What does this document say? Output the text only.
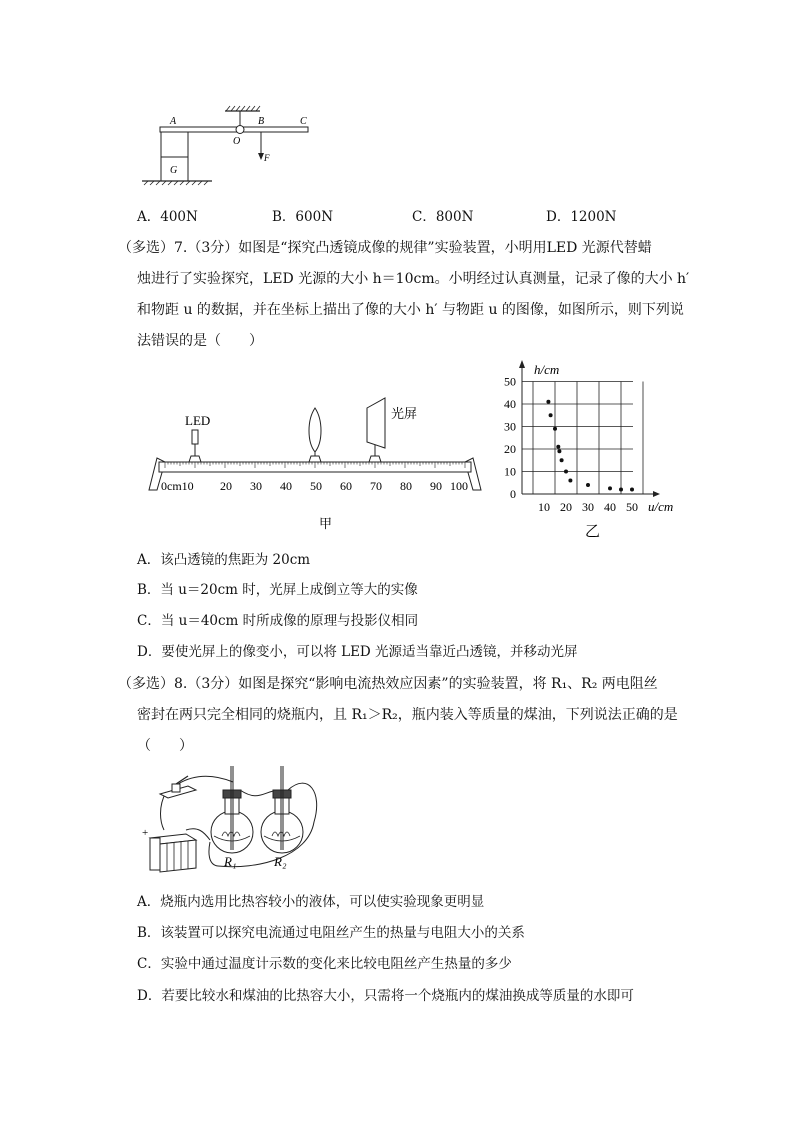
A
O
B	C
F
G
A．400N	B．600N	C．800N	D．1200N
（多选）7.（3分）如图是“探究凸透镜成像的规律”实验装置，小明用LED 光源代替蜡
烛进行了实验探究，LED 光源的大小 h＝10cm。小明经过认真测量，记录了像的大小 h′
和物距 u 的数据，并在坐标上描出了像的大小 h′ 与物距 u 的图像，如图所示，则下列说
法错误的是（　　）
LED	光屏
0cm10 20 30 40 50 60 70 80 90 100
甲
h/cm
u/cm
0
10
20
30
40
50
10 20 30 40 50
乙
A．该凸透镜的焦距为 20cm
B．当 u＝20cm 时，光屏上成倒立等大的实像
C．当 u＝40cm 时所成像的原理与投影仪相同
D．要使光屏上的像变小，可以将 LED 光源适当靠近凸透镜，并移动光屏
（多选）8.（3分）如图是探究“影响电流热效应因素”的实验装置，将 R₁、R₂ 两电阻丝
密封在两只完全相同的烧瓶内，且 R₁＞R₂，瓶内装入等质量的煤油，下列说法正确的是
（　　）
+
R₁	R₂
A．烧瓶内选用比热容较小的液体，可以使实验现象更明显
B．该装置可以探究电流通过电阻丝产生的热量与电阻大小的关系
C．实验中通过温度计示数的变化来比较电阻丝产生热量的多少
D．若要比较水和煤油的比热容大小，只需将一个烧瓶内的煤油换成等质量的水即可
